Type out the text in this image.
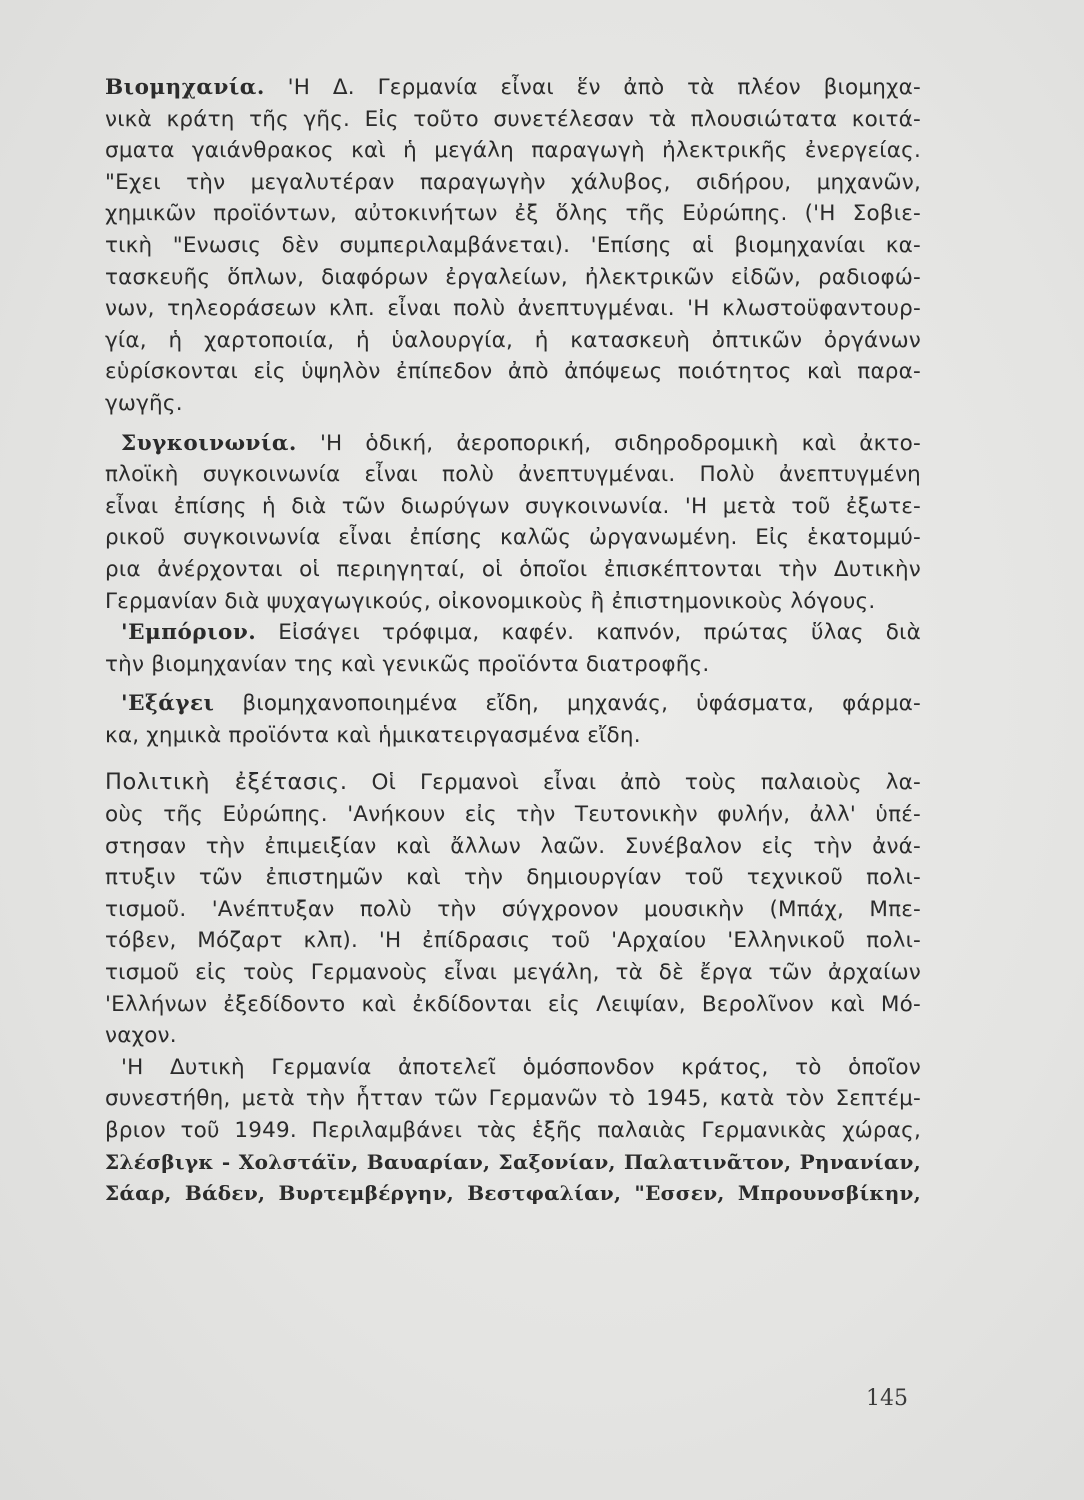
Βιομηχανία. 'Η Δ. Γερμανία εἶναι ἕν ἀπὸ τὰ πλέον βιομηχα-
νικὰ κράτη τῆς γῆς. Εἰς τοῦτο συνετέλεσαν τὰ πλουσιώτατα κοιτά-
σματα γαιάνθρακος καὶ ἡ μεγάλη παραγωγὴ ἠλεκτρικῆς ἐνεργείας.
"Εχει τὴν μεγαλυτέραν παραγωγὴν χάλυβος, σιδήρου, μηχανῶν,
χημικῶν προϊόντων, αὐτοκινήτων ἐξ ὅλης τῆς Εὐρώπης. ('Η Σοβιε-
τικὴ "Ενωσις δὲν συμπεριλαμβάνεται). 'Επίσης αἱ βιομηχανίαι κα-
τασκευῆς ὅπλων, διαφόρων ἐργαλείων, ἠλεκτρικῶν εἰδῶν, ραδιοφώ-
νων, τηλεοράσεων κλπ. εἶναι πολὺ ἀνεπτυγμέναι. 'Η κλωστοϋφαντουρ-
γία, ἡ χαρτοποιία, ἡ ὑαλουργία, ἡ κατασκευὴ ὀπτικῶν ὀργάνων
εὑρίσκονται εἰς ὑψηλὸν ἐπίπεδον ἀπὸ ἀπόψεως ποιότητος καὶ παρα-
γωγῆς.
Συγκοινωνία. 'Η ὁδική, ἀεροπορική, σιδηροδρομικὴ καὶ ἀκτο-
πλοϊκὴ συγκοινωνία εἶναι πολὺ ἀνεπτυγμέναι. Πολὺ ἀνεπτυγμένη
εἶναι ἐπίσης ἡ διὰ τῶν διωρύγων συγκοινωνία. 'Η μετὰ τοῦ ἐξωτε-
ρικοῦ συγκοινωνία εἶναι ἐπίσης καλῶς ὠργανωμένη. Εἰς ἑκατομμύ-
ρια ἀνέρχονται οἱ περιηγηταί, οἱ ὁποῖοι ἐπισκέπτονται τὴν Δυτικὴν
Γερμανίαν διὰ ψυχαγωγικούς, οἰκονομικοὺς ἢ ἐπιστημονικοὺς λόγους.
'Εμπόριον. Εἰσάγει τρόφιμα, καφέν. καπνόν, πρώτας ὕλας διὰ
τὴν βιομηχανίαν της καὶ γενικῶς προϊόντα διατροφῆς.
'Εξάγει βιομηχανοποιημένα εἴδη, μηχανάς, ὑφάσματα, φάρμα-
κα, χημικὰ προϊόντα καὶ ἡμικατειργασμένα εἴδη.
Πολιτικὴ ἐξέτασις. Οἱ Γερμανοὶ εἶναι ἀπὸ τοὺς παλαιοὺς λα-
οὺς τῆς Εὐρώπης. 'Ανήκουν εἰς τὴν Τευτονικὴν φυλήν, ἀλλ' ὑπέ-
στησαν τὴν ἐπιμειξίαν καὶ ἄλλων λαῶν. Συνέβαλον εἰς τὴν ἀνά-
πτυξιν τῶν ἐπιστημῶν καὶ τὴν δημιουργίαν τοῦ τεχνικοῦ πολι-
τισμοῦ. 'Ανέπτυξαν πολὺ τὴν σύγχρονον μουσικὴν (Μπάχ, Μπε-
τόβεν, Μόζαρτ κλπ). 'Η ἐπίδρασις τοῦ 'Αρχαίου 'Ελληνικοῦ πολι-
τισμοῦ εἰς τοὺς Γερμανοὺς εἶναι μεγάλη, τὰ δὲ ἔργα τῶν ἀρχαίων
'Ελλήνων ἐξεδίδοντο καὶ ἐκδίδονται εἰς Λειψίαν, Βερολῖνον καὶ Μό-
ναχον.
'Η Δυτικὴ Γερμανία ἀποτελεῖ ὁμόσπονδον κράτος, τὸ ὁποῖον
συνεστήθη, μετὰ τὴν ἧτταν τῶν Γερμανῶν τὸ 1945, κατὰ τὸν Σεπτέμ-
βριον τοῦ 1949. Περιλαμβάνει τὰς ἑξῆς παλαιὰς Γερμανικὰς χώρας,
Σλέσβιγκ - Χολστάϊν, Βαυαρίαν, Σαξονίαν, Παλατινᾶτον, Ρηνανίαν,
Σάαρ, Βάδεν, Βυρτεμβέργην, Βεστφαλίαν, "Εσσεν, Μπρουνσβίκην,
145
